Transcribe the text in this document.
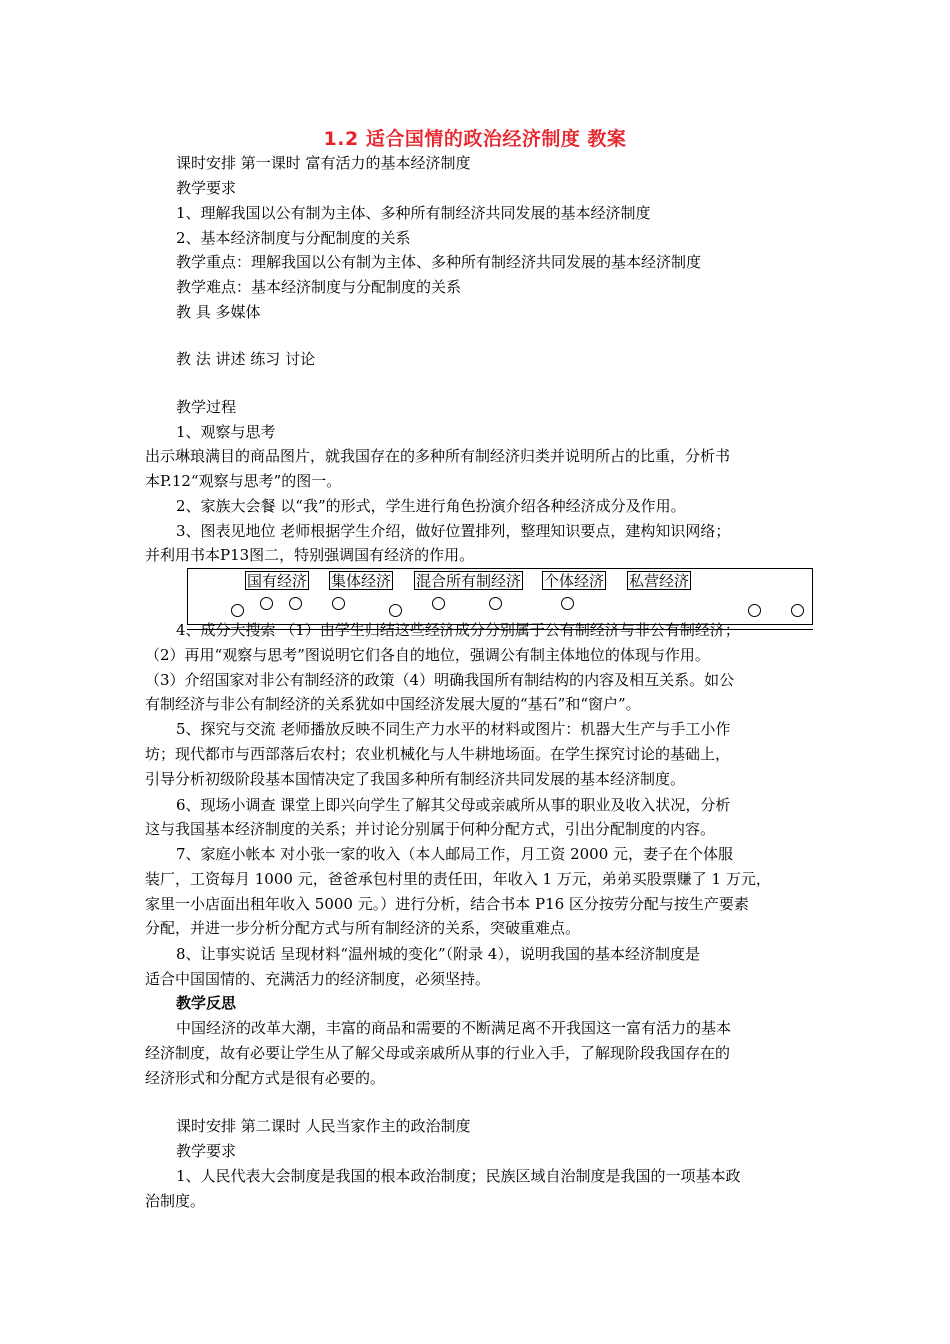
1.2 适合国情的政治经济制度 教案
课时安排 第一课时 富有活力的基本经济制度
教学要求
1、理解我国以公有制为主体、多种所有制经济共同发展的基本经济制度
2、基本经济制度与分配制度的关系
教学重点：理解我国以公有制为主体、多种所有制经济共同发展的基本经济制度
教学难点：基本经济制度与分配制度的关系
教 具 多媒体
教 法 讲述 练习 讨论
教学过程
1、观察与思考
出示琳琅满目的商品图片，就我国存在的多种所有制经济归类并说明所占的比重，分析书
本P.12“观察与思考”的图一。
2、家族大会餐 以“我”的形式，学生进行角色扮演介绍各种经济成分及作用。
3、图表见地位 老师根据学生介绍，做好位置排列，整理知识要点，建构知识网络；
并利用书本P13图二，特别强调国有经济的作用。
国有经济 集体经济 混合所有制经济 个体经济 私营经济
4、成分大搜索 （1）由学生归结这些经济成分分别属于公有制经济与非公有制经济；
（2）再用“观察与思考”图说明它们各自的地位，强调公有制主体地位的体现与作用。
（3）介绍国家对非公有制经济的政策（4）明确我国所有制结构的内容及相互关系。如公
有制经济与非公有制经济的关系犹如中国经济发展大厦的“基石”和“窗户”。
5、探究与交流 老师播放反映不同生产力水平的材料或图片：机器大生产与手工小作
坊；现代都市与西部落后农村；农业机械化与人牛耕地场面。在学生探究讨论的基础上，
引导分析初级阶段基本国情决定了我国多种所有制经济共同发展的基本经济制度。
6、现场小调查 课堂上即兴向学生了解其父母或亲戚所从事的职业及收入状况，分析
这与我国基本经济制度的关系；并讨论分别属于何种分配方式，引出分配制度的内容。
7、家庭小帐本 对小张一家的收入（本人邮局工作，月工资 2000 元，妻子在个体服
装厂，工资每月 1000 元，爸爸承包村里的责任田，年收入 1 万元，弟弟买股票赚了 1 万元，
家里一小店面出租年收入 5000 元。）进行分析，结合书本 P16 区分按劳分配与按生产要素
分配，并进一步分析分配方式与所有制经济的关系，突破重难点。
8、让事实说话 呈现材料“温州城的变化”（附录 4），说明我国的基本经济制度是
适合中国国情的、充满活力的经济制度，必须坚持。
教学反思
中国经济的改革大潮，丰富的商品和需要的不断满足离不开我国这一富有活力的基本
经济制度，故有必要让学生从了解父母或亲戚所从事的行业入手，了解现阶段我国存在的
经济形式和分配方式是很有必要的。
课时安排 第二课时 人民当家作主的政治制度
教学要求
1、人民代表大会制度是我国的根本政治制度；民族区域自治制度是我国的一项基本政
治制度。
